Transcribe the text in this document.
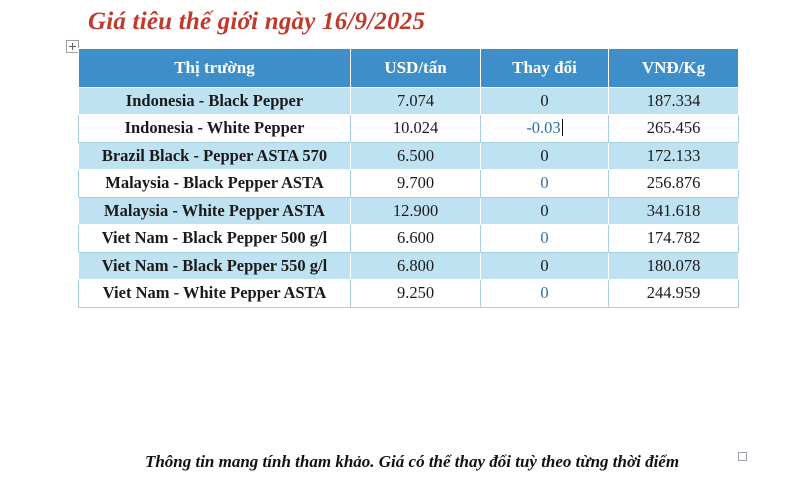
Giá tiêu thế giới ngày 16/9/2025
Thị trường	USD/tấn	Thay đổi	VNĐ/Kg
Indonesia - Black Pepper	7.074	0	187.334
Indonesia - White Pepper	10.024	-0.03	265.456
Brazil Black - Pepper ASTA 570	6.500	0	172.133
Malaysia - Black Pepper ASTA	9.700	0	256.876
Malaysia - White Pepper ASTA	12.900	0	341.618
Viet Nam - Black Pepper 500 g/l	6.600	0	174.782
Viet Nam - Black Pepper 550 g/l	6.800	0	180.078
Viet Nam - White Pepper ASTA	9.250	0	244.959
Thông tin mang tính tham khảo. Giá có thể thay đổi tuỳ theo từng thời điểm
